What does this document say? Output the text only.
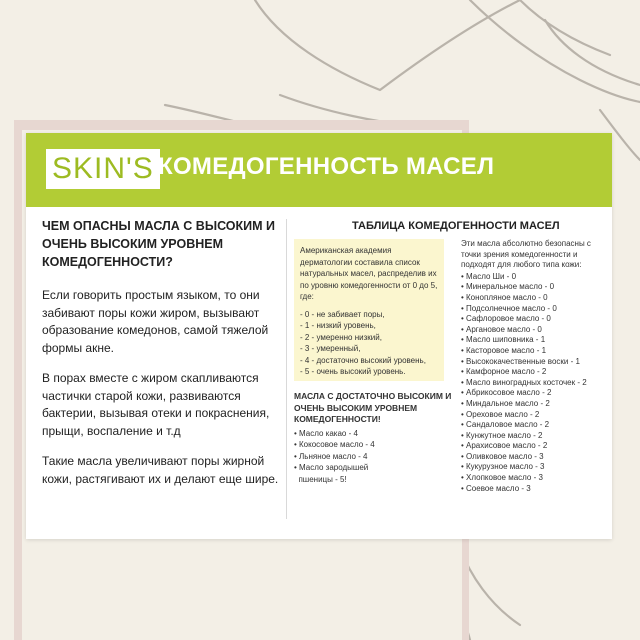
SKIN'S КОМЕДОГЕННОСТЬ МАСЕЛ
ЧЕМ ОПАСНЫ МАСЛА С ВЫСОКИМ И ОЧЕНЬ ВЫСОКИМ УРОВНЕМ КОМЕДОГЕННОСТИ?
Если говорить простым языком, то они забивают поры кожи жиром, вызывают образование комедонов, самой тяжелой формы акне.
В порах вместе с жиром скапливаются частички старой кожи, развиваются бактерии, вызывая отеки и покраснения, прыщи, воспаление и т.д
Такие масла увеличивают поры жирной кожи, растягивают их и делают еще шире.
ТАБЛИЦА КОМЕДОГЕННОСТИ МАСЕЛ

Американская академия дерматологии составила список натуральных масел, распределив их по уровню комедогенности от 0 до 5, где:

- 0 - не забивает поры,
- 1 - низкий уровень,
- 2 - умеренно низкий,
- 3 - умеренный,
- 4 - достаточно высокий уровень,
- 5 - очень высокий уровень.
МАСЛА С ДОСТАТОЧНО ВЫСОКИМ И ОЧЕНЬ ВЫСОКИМ УРОВНЕМ КОМЕДОГЕННОСТИ!
• Масло какао - 4
• Кокосовое масло - 4
• Льняное масло - 4
• Масло зародышей
пшеницы - 5!
Эти масла абсолютно безопасны с точки зрения комедогенности и подходят для любого типа кожи:
• Масло Ши - 0
• Минеральное масло - 0
• Конопляное масло - 0
• Подсолнечное масло - 0
• Сафлоровое масло - 0
• Аргановое масло - 0
• Масло шиповника - 1
• Касторовое масло - 1
• Высококачественные воски - 1
• Камфорное масло - 2
• Масло виноградных косточек - 2
• Абрикосовое масло - 2
• Миндальное масло - 2
• Ореховое масло - 2
• Сандаловое масло - 2
• Кунжутное масло - 2
• Арахисовое масло - 2
• Оливковое масло - 3
• Кукурузное масло - 3
• Хлопковое масло - 3
• Соевое масло - 3
